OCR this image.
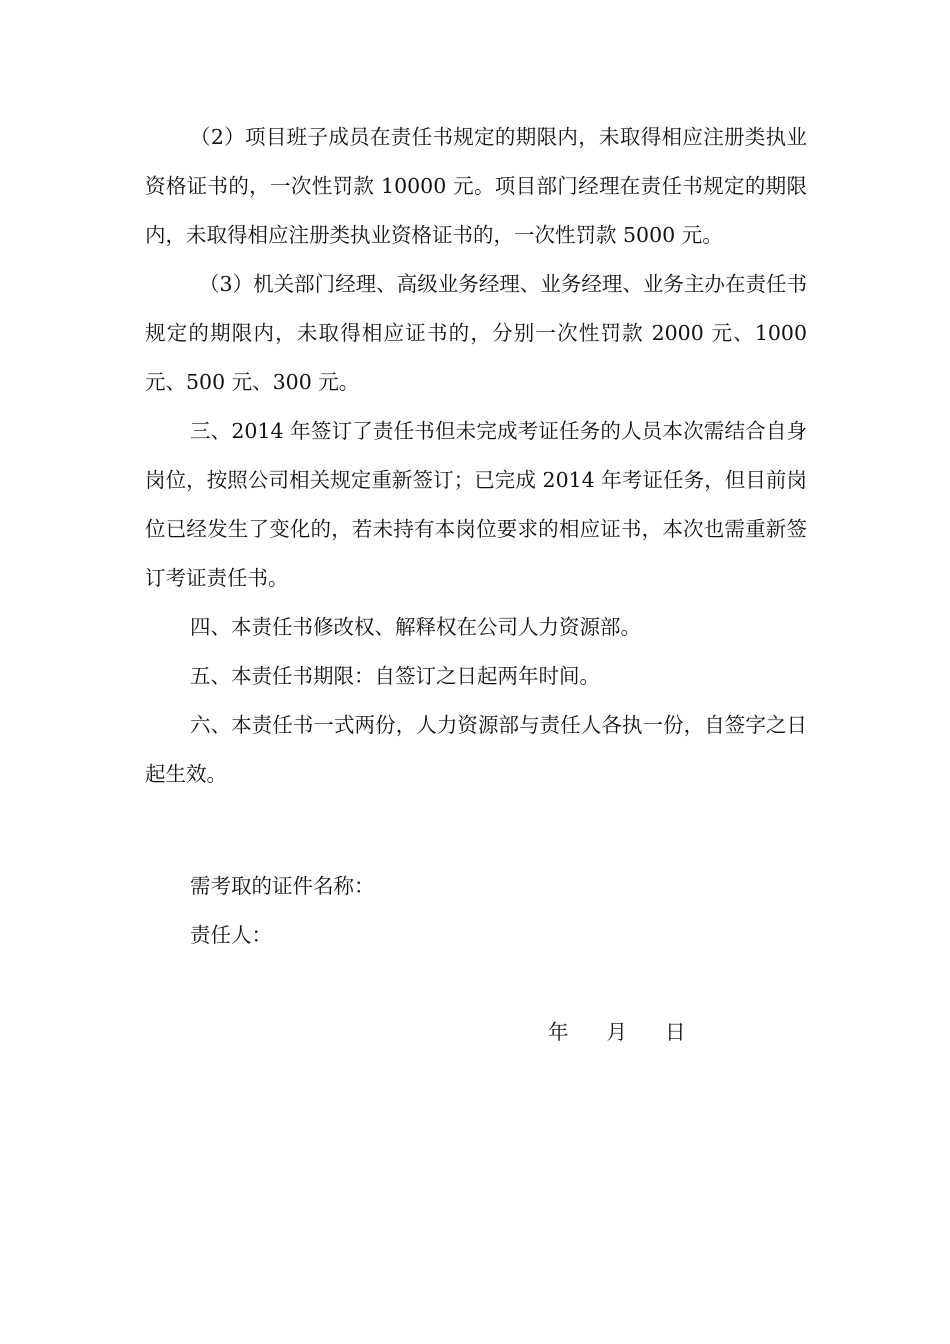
（2）项目班子成员在责任书规定的期限内，未取得相应注册类执业资格证书的，一次性罚款 10000 元。项目部门经理在责任书规定的期限内，未取得相应注册类执业资格证书的，一次性罚款 5000 元。

（3）机关部门经理、高级业务经理、业务经理、业务主办在责任书规定的期限内，未取得相应证书的，分别一次性罚款 2000 元、1000 元、500 元、300 元。

三、2014 年签订了责任书但未完成考证任务的人员本次需结合自身岗位，按照公司相关规定重新签订；已完成 2014 年考证任务，但目前岗位已经发生了变化的，若未持有本岗位要求的相应证书，本次也需重新签订考证责任书。

四、本责任书修改权、解释权在公司人力资源部。

五、本责任书期限：自签订之日起两年时间。

六、本责任书一式两份，人力资源部与责任人各执一份，自签字之日起生效。

需考取的证件名称：

责任人：

年 月 日
